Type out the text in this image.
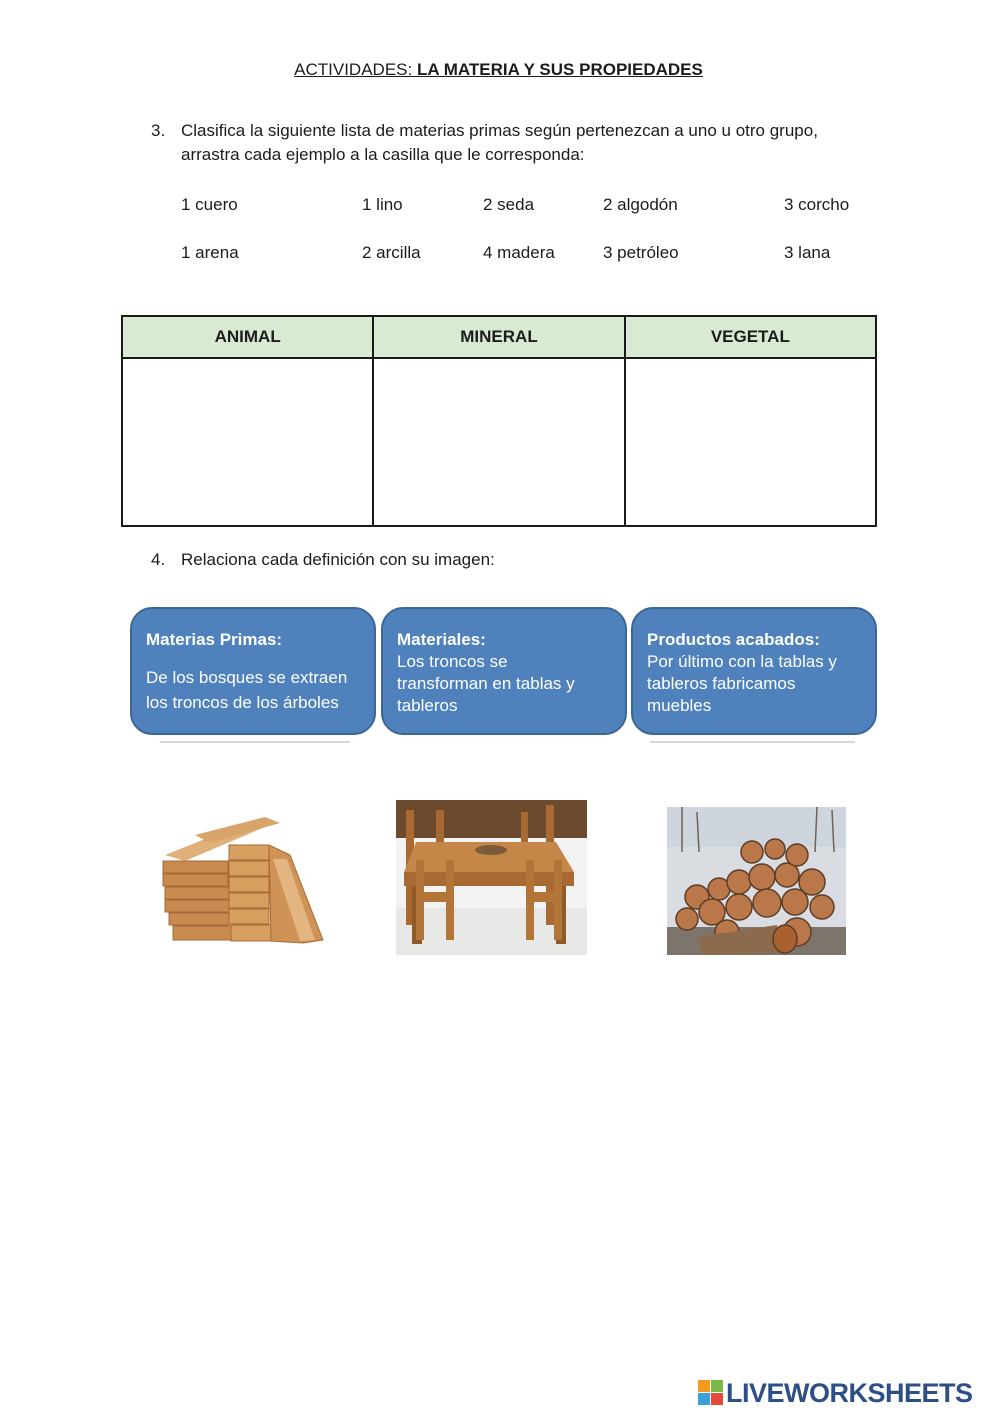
ACTIVIDADES: LA MATERIA Y SUS PROPIEDADES
3. Clasifica la siguiente lista de materias primas según pertenezcan a uno u otro grupo,
arrastra cada ejemplo a la casilla que le corresponda:
1 cuero	1 lino	2 seda	2 algodón	3 corcho
1 arena	2 arcilla	4 madera	3 petróleo	3 lana
ANIMAL	MINERAL	VEGETAL

4. Relaciona cada definición con su imagen:
Materias Primas:
De los bosques se extraen
los troncos de los árboles
Materiales:
Los troncos se
transforman en tablas y
tableros
Productos acabados:
Por último con la tablas y
tableros fabricamos
muebles
LIVEWORKSHEETS
